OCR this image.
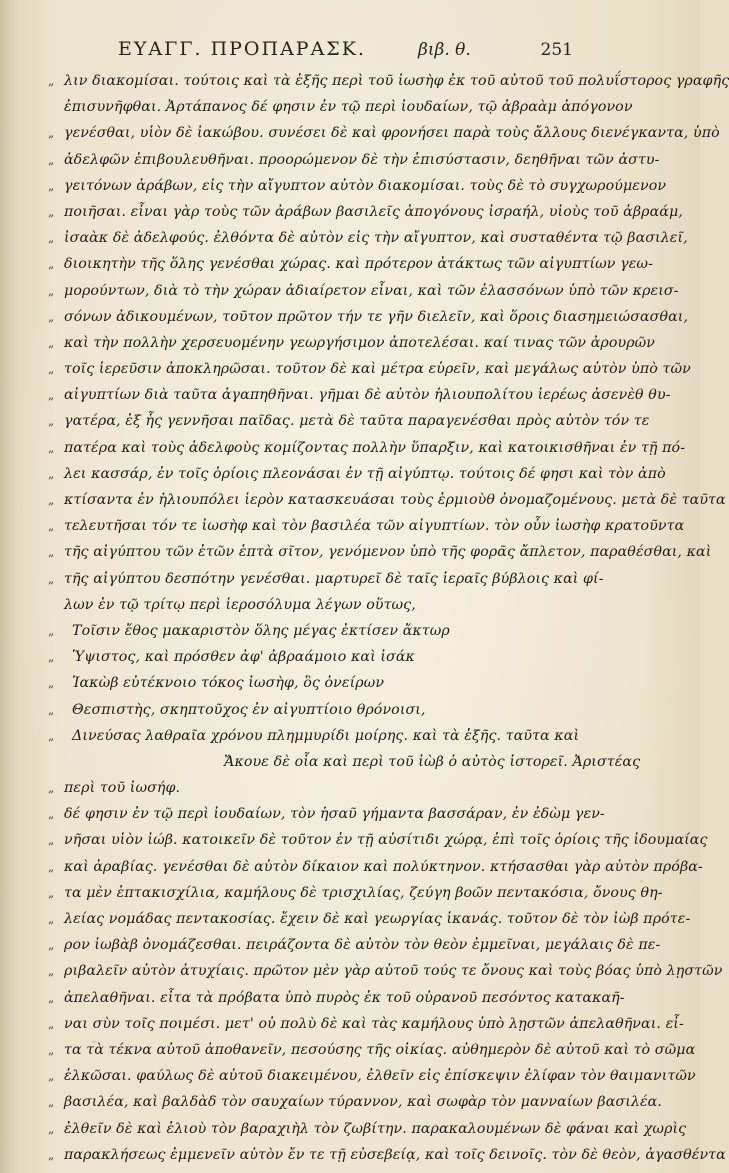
ΕΥΑΓΓ. ΠΡΟΠΑΡΑΣΚ.	βιβ. θ.	251
„ λιν διακομίσαι. τούτοις καὶ τὰ ἑξῆς περὶ τοῦ ἰωσὴφ ἐκ τοῦ αὐτοῦ τοῦ πολυΐστορος γραφῆς
ἐπισυνῆφθαι. Ἀρτάπανος δέ φησιν ἐν τῷ περὶ ἰουδαίων, τῷ ἀβραὰμ ἀπόγονον
„ γενέσθαι, υἱὸν δὲ ἰακώβου. συνέσει δὲ καὶ φρονήσει παρὰ τοὺς ἄλλους διενέγκαντα, ὑπὸ
„ ἀδελφῶν ἐπιβουλευθῆναι. προορώμενον δὲ τὴν ἐπισύστασιν, δεηθῆναι τῶν ἀστυ-
„ γειτόνων ἀράβων, εἰς τὴν αἴγυπτον αὐτὸν διακομίσαι. τοὺς δὲ τὸ συγχωρούμενον
„ ποιῆσαι. εἶναι γὰρ τοὺς τῶν ἀράβων βασιλεῖς ἀπογόνους ἰσραήλ, υἱοὺς τοῦ ἀβραάμ,
„ ἰσαὰκ δὲ ἀδελφούς. ἐλθόντα δὲ αὐτὸν εἰς τὴν αἴγυπτον, καὶ συσταθέντα τῷ βασιλεῖ,
„ διοικητὴν τῆς ὅλης γενέσθαι χώρας. καὶ πρότερον ἀτάκτως τῶν αἰγυπτίων γεω-
„ μορούντων, διὰ τὸ τὴν χώραν ἀδιαίρετον εἶναι, καὶ τῶν ἐλασσόνων ὑπὸ τῶν κρεισ-
„ σόνων ἀδικουμένων, τοῦτον πρῶτον τήν τε γῆν διελεῖν, καὶ ὅροις διασημειώσασθαι,
„ καὶ τὴν πολλὴν χερσευομένην γεωργήσιμον ἀποτελέσαι. καί τινας τῶν ἀρουρῶν
„ τοῖς ἱερεῦσιν ἀποκληρῶσαι. τοῦτον δὲ καὶ μέτρα εὑρεῖν, καὶ μεγάλως αὐτὸν ὑπὸ τῶν
„ αἰγυπτίων διὰ ταῦτα ἀγαπηθῆναι. γῆμαι δὲ αὐτὸν ἡλιουπολίτου ἱερέως ἀσενὲθ θυ-
„ γατέρα, ἐξ ἧς γεννῆσαι παῖδας. μετὰ δὲ ταῦτα παραγενέσθαι πρὸς αὐτὸν τόν τε
„ πατέρα καὶ τοὺς ἀδελφοὺς κομίζοντας πολλὴν ὕπαρξιν, καὶ κατοικισθῆναι ἐν τῇ πό-
„ λει κασσάρ, ἐν τοῖς ὁρίοις πλεονάσαι ἐν τῇ αἰγύπτῳ. τούτοις δέ φησι καὶ τὸν ἀπὸ
„ κτίσαντα ἐν ἡλιουπόλει ἱερὸν κατασκευάσαι τοὺς ἑρμιοὺθ ὀνομαζομένους. μετὰ δὲ ταῦτα
„ τελευτῆσαι τόν τε ἰωσὴφ καὶ τὸν βασιλέα τῶν αἰγυπτίων. τὸν οὖν ἰωσὴφ κρατοῦντα
„ τῆς αἰγύπτου τῶν ἐτῶν ἑπτὰ σῖτον, γενόμενον ὑπὸ τῆς φορᾶς ἄπλετον, παραθέσθαι, καὶ
„ τῆς αἰγύπτου δεσπότην γενέσθαι. μαρτυρεῖ δὲ ταῖς ἱεραῖς βύβλοις καὶ φί-
λων ἐν τῷ τρίτῳ περὶ ἱεροσόλυμα λέγων οὕτως,
„ Τοῖσιν ἔθος μακαριστὸν ὅλης μέγας ἐκτίσεν ἄκτωρ
„ Ὑψιστος, καὶ πρόσθεν ἀφ' ἀβραάμοιο καὶ ἰσάκ
„ Ἰακὼβ εὐτέκνοιο τόκος ἰωσὴφ, ὃς ὀνείρων
„ Θεσπιστὴς, σκηπτοῦχος ἐν αἰγυπτίοιο θρόνοισι,
„ Δινεύσας λαθραῖα χρόνου πλημμυρίδι μοίρης. καὶ τὰ ἑξῆς. ταῦτα καὶ
Ἄκουε δὲ οἷα καὶ περὶ τοῦ ἰὼβ ὁ αὐτὸς ἱστορεῖ. Ἀριστέας
„ περὶ τοῦ ἰωσήφ.
„ δέ φησιν ἐν τῷ περὶ ἰουδαίων, τὸν ἡσαῦ γήμαντα βασσάραν, ἐν ἐδὼμ γεν-
„ νῆσαι υἱὸν ἰώβ. κατοικεῖν δὲ τοῦτον ἐν τῇ αὐσίτιδι χώρᾳ, ἐπὶ τοῖς ὁρίοις τῆς ἰδουμαίας
„ καὶ ἀραβίας. γενέσθαι δὲ αὐτὸν δίκαιον καὶ πολύκτηνον. κτήσασθαι γὰρ αὐτὸν πρόβα-
„ τα μὲν ἑπτακισχίλια, καμήλους δὲ τρισχιλίας, ζεύγη βοῶν πεντακόσια, ὄνους θη-
„ λείας νομάδας πεντακοσίας. ἔχειν δὲ καὶ γεωργίας ἱκανάς. τοῦτον δὲ τὸν ἰὼβ πρότε-
„ ρον ἰωβὰβ ὀνομάζεσθαι. πειράζοντα δὲ αὐτὸν τὸν θεὸν ἐμμεῖναι, μεγάλαις δὲ πε-
„ ριβαλεῖν αὐτὸν ἀτυχίαις. πρῶτον μὲν γὰρ αὐτοῦ τούς τε ὄνους καὶ τοὺς βόας ὑπὸ λῃστῶν
„ ἀπελαθῆναι. εἶτα τὰ πρόβατα ὑπὸ πυρὸς ἐκ τοῦ οὐρανοῦ πεσόντος κατακαῆ-
„ ναι σὺν τοῖς ποιμέσι. μετ' οὐ πολὺ δὲ καὶ τὰς καμήλους ὑπὸ λῃστῶν ἀπελαθῆναι. εἶ-
„ τα τὰ τέκνα αὐτοῦ ἀποθανεῖν, πεσούσης τῆς οἰκίας. αὐθημερὸν δὲ αὐτοῦ καὶ τὸ σῶμα
„ ἑλκῶσαι. φαύλως δὲ αὐτοῦ διακειμένου, ἐλθεῖν εἰς ἐπίσκεψιν ἐλίφαν τὸν θαιμανιτῶν
„ βασιλέα, καὶ βαλδὰδ τὸν σαυχαίων τύραννον, καὶ σωφὰρ τὸν μανναίων βασιλέα.
„ ἐλθεῖν δὲ καὶ ἐλιοὺ τὸν βαραχιὴλ τὸν ζωβίτην. παρακαλουμένων δὲ φάναι καὶ χωρὶς
„ παρακλήσεως ἐμμενεῖν αὐτὸν ἔν τε τῇ εὐσεβείᾳ, καὶ τοῖς δεινοῖς. τὸν δὲ θεὸν, ἀγασθέντα
